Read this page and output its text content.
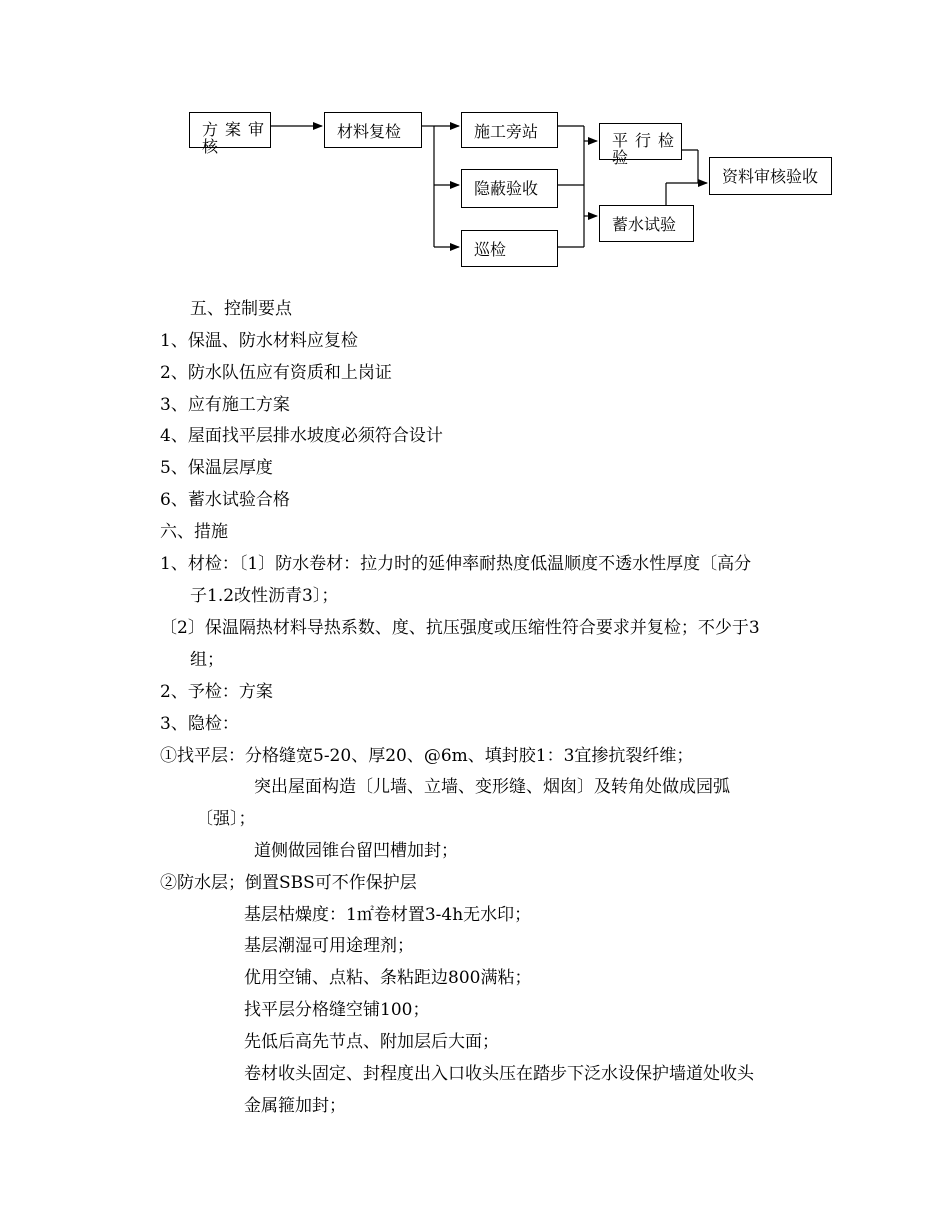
方案审核
材料复检	施工旁站
隐蔽验收
巡检
平行检验
蓄水试验
资料审核验收
五、控制要点
1、保温、防水材料应复检
2、防水队伍应有资质和上岗证
3、应有施工方案
4、屋面找平层排水坡度必须符合设计
5、保温层厚度
6、蓄水试验合格
六、措施
1、材检：〔1〕防水卷材：拉力时的延伸率耐热度低温顺度不透水性厚度〔高分
子1.2改性沥青3〕；
〔2〕保温隔热材料导热系数、度、抗压强度或压缩性符合要求并复检；不少于3
组；
2、予检：方案
3、隐检：
①找平层：分格缝宽5-20、厚20、@6m、填封胶1：3宜掺抗裂纤维；
突出屋面构造〔儿墙、立墙、变形缝、烟囱〕及转角处做成园弧
〔强〕；
道侧做园锥台留凹槽加封；
②防水层；倒置SBS可不作保护层
基层枯燥度：1㎡卷材置3-4h无水印；
基层潮湿可用途理剂；
优用空铺、点粘、条粘距边800满粘；
找平层分格缝空铺100；
先低后高先节点、附加层后大面；
卷材收头固定、封程度出入口收头压在踏步下泛水设保护墙道处收头
金属箍加封；
